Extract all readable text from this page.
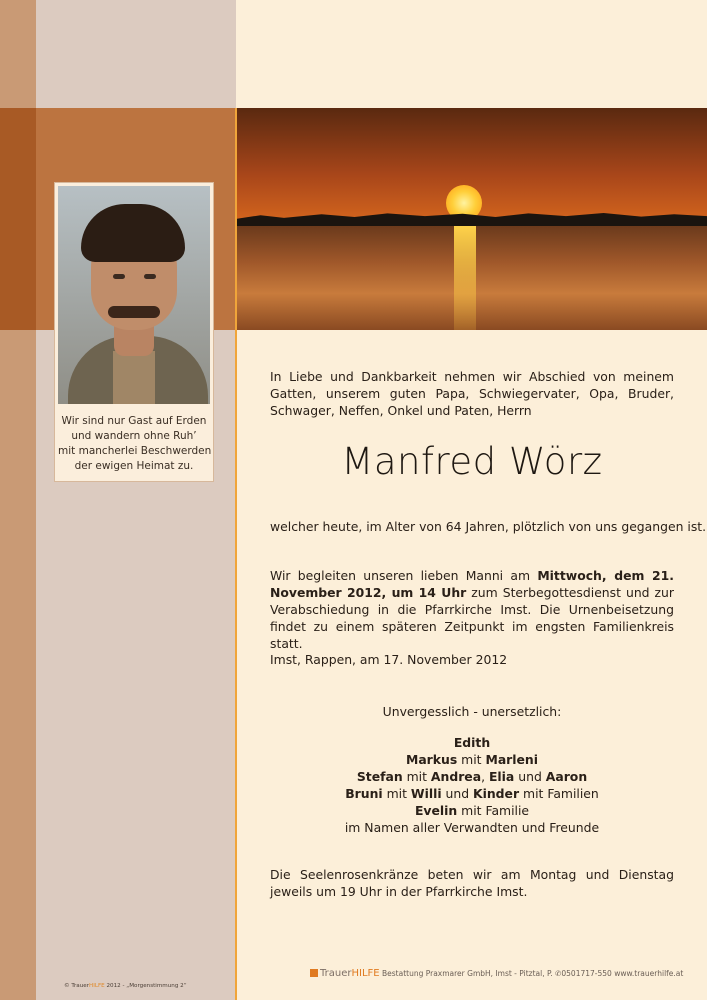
Wir sind nur Gast auf Erden
und wandern ohne Ruh’
mit mancherlei Beschwerden
der ewigen Heimat zu.
In Liebe und Dankbarkeit nehmen wir Abschied von meinem Gatten, unserem guten Papa, Schwiegervater, Opa, Bruder, Schwager, Neffen, Onkel und Paten, Herrn
Manfred Wörz
welcher heute, im Alter von 64 Jahren, plötzlich von uns gegangen ist.
Wir begleiten unseren lieben Manni am Mittwoch, dem 21. November 2012, um 14 Uhr zum Sterbegottesdienst und zur Verabschiedung in die Pfarrkirche Imst. Die Urnenbeisetzung findet zu einem späteren Zeitpunkt im engsten Familienkreis statt.
Imst, Rappen, am 17. November 2012
Unvergesslich - unersetzlich:
Edith
Markus mit Marleni
Stefan mit Andrea, Elia und Aaron
Bruni mit Willi und Kinder mit Familien
Evelin mit Familie
im Namen aller Verwandten und Freunde
Die Seelenrosenkränze beten wir am Montag und Dienstag jeweils um 19 Uhr in der Pfarrkirche Imst.
© TrauerHILFE 2012 - „Morgenstimmung 2“
TrauerHILFE Bestattung Praxmarer GmbH, Imst - Pitztal, P. ✆0501717-550 www.trauerhilfe.at
